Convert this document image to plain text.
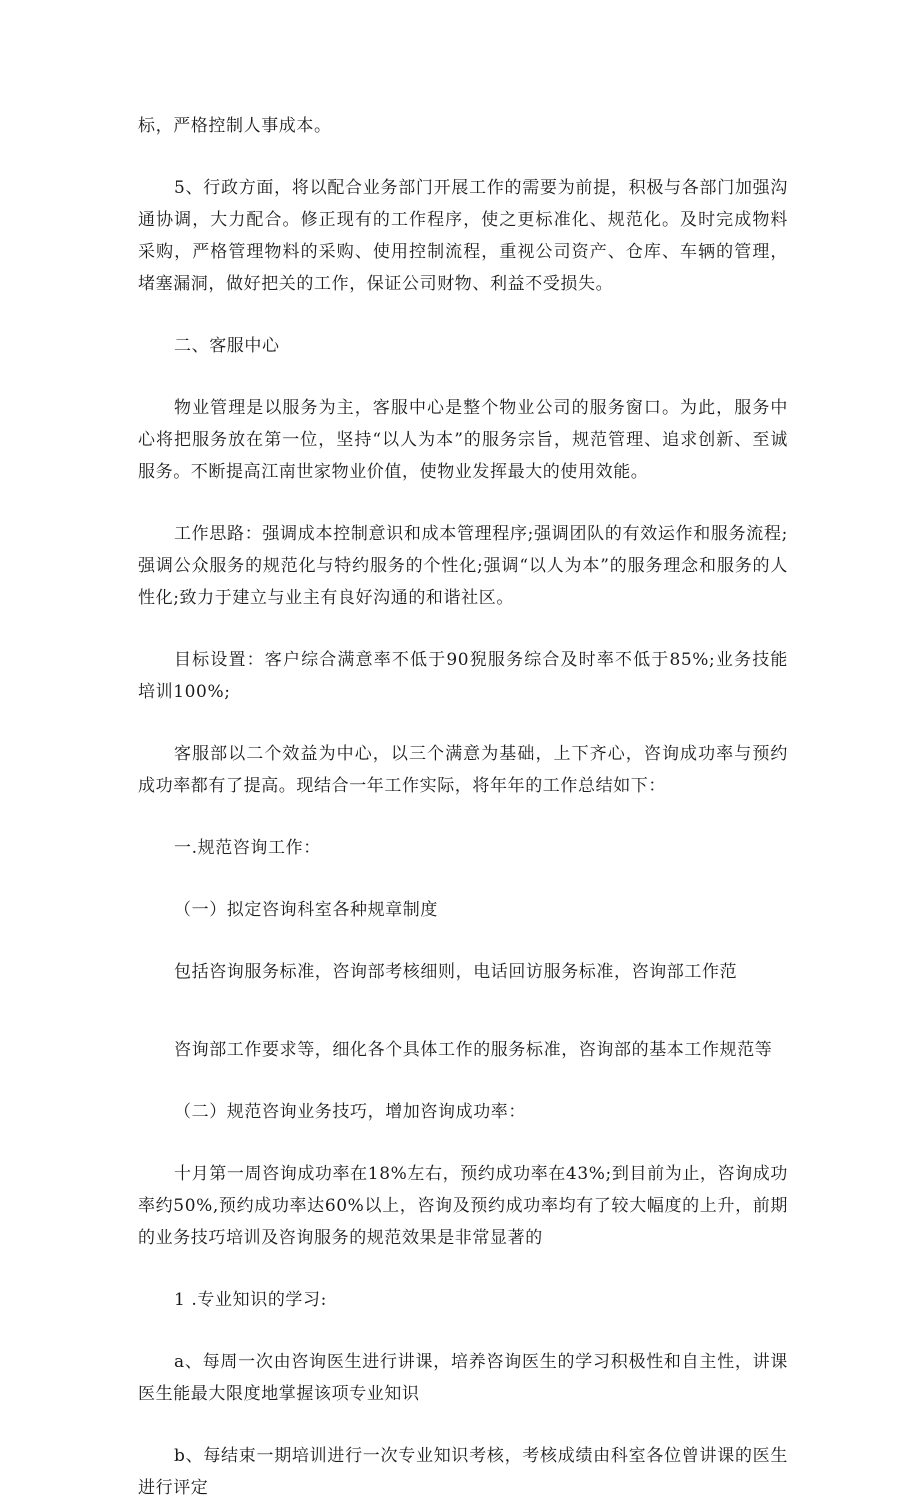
标，严格控制人事成本。

5、行政方面，将以配合业务部门开展工作的需要为前提，积极与各部门加强沟通协调，大力配合。修正现有的工作程序，使之更标准化、规范化。及时完成物料采购，严格管理物料的采购、使用控制流程，重视公司资产、仓库、车辆的管理，堵塞漏洞，做好把关的工作，保证公司财物、利益不受损失。

二、客服中心

物业管理是以服务为主，客服中心是整个物业公司的服务窗口。为此，服务中心将把服务放在第一位，坚持“以人为本”的服务宗旨，规范管理、追求创新、至诚服务。不断提高江南世家物业价值，使物业发挥最大的使用效能。

工作思路：强调成本控制意识和成本管理程序;强调团队的有效运作和服务流程;强调公众服务的规范化与特约服务的个性化;强调“以人为本”的服务理念和服务的人性化;致力于建立与业主有良好沟通的和谐社区。

目标设置：客户综合满意率不低于90猊服务综合及时率不低于85%;业务技能培训100%;

客服部以二个效益为中心，以三个满意为基础，上下齐心，咨询成功率与预约成功率都有了提高。现结合一年工作实际，将年年的工作总结如下：

一.规范咨询工作：

（一）拟定咨询科室各种规章制度

包括咨询服务标准，咨询部考核细则，电话回访服务标准，咨询部工作范

咨询部工作要求等，细化各个具体工作的服务标准，咨询部的基本工作规范等

（二）规范咨询业务技巧，增加咨询成功率：

十月第一周咨询成功率在18%左右，预约成功率在43%;到目前为止，咨询成功率约50%,预约成功率达60%以上，咨询及预约成功率均有了较大幅度的上升，前期的业务技巧培训及咨询服务的规范效果是非常显著的

1 .专业知识的学习:

a、每周一次由咨询医生进行讲课，培养咨询医生的学习积极性和自主性，讲课医生能最大限度地掌握该项专业知识

b、每结束一期培训进行一次专业知识考核，考核成绩由科室各位曾讲课的医生进行评定
